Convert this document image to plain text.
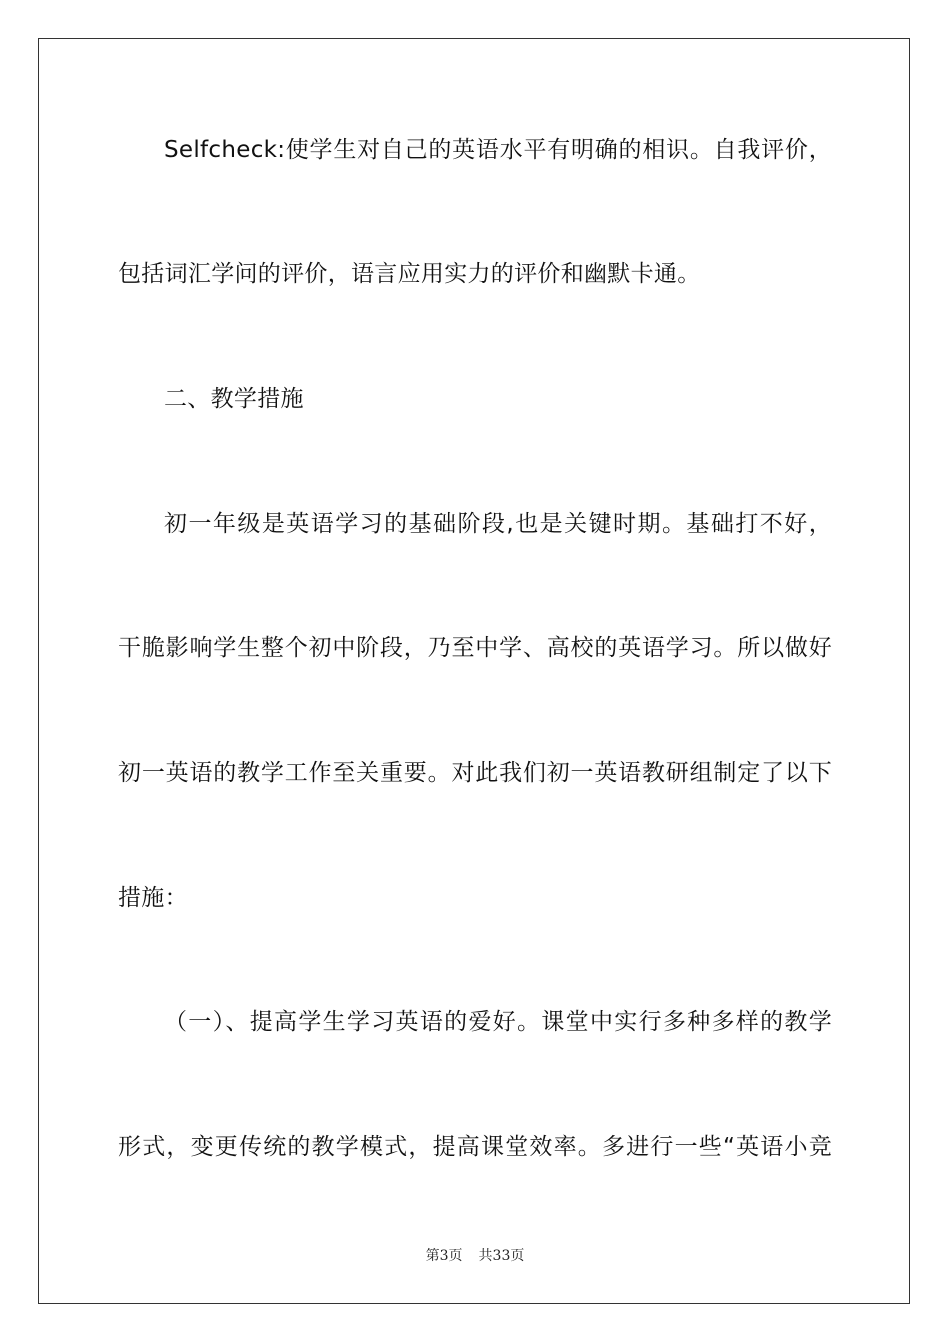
Selfcheck:使学生对自己的英语水平有明确的相识。自我评价，
包括词汇学问的评价，语言应用实力的评价和幽默卡通。
二、教学措施
初一年级是英语学习的基础阶段,也是关键时期。基础打不好，
干脆影响学生整个初中阶段，乃至中学、高校的英语学习。所以做好
初一英语的教学工作至关重要。对此我们初一英语教研组制定了以下
措施：
（一）、提高学生学习英语的爱好。课堂中实行多种多样的教学
形式，变更传统的教学模式，提高课堂效率。多进行一些“英语小竞
第3页 共33页
